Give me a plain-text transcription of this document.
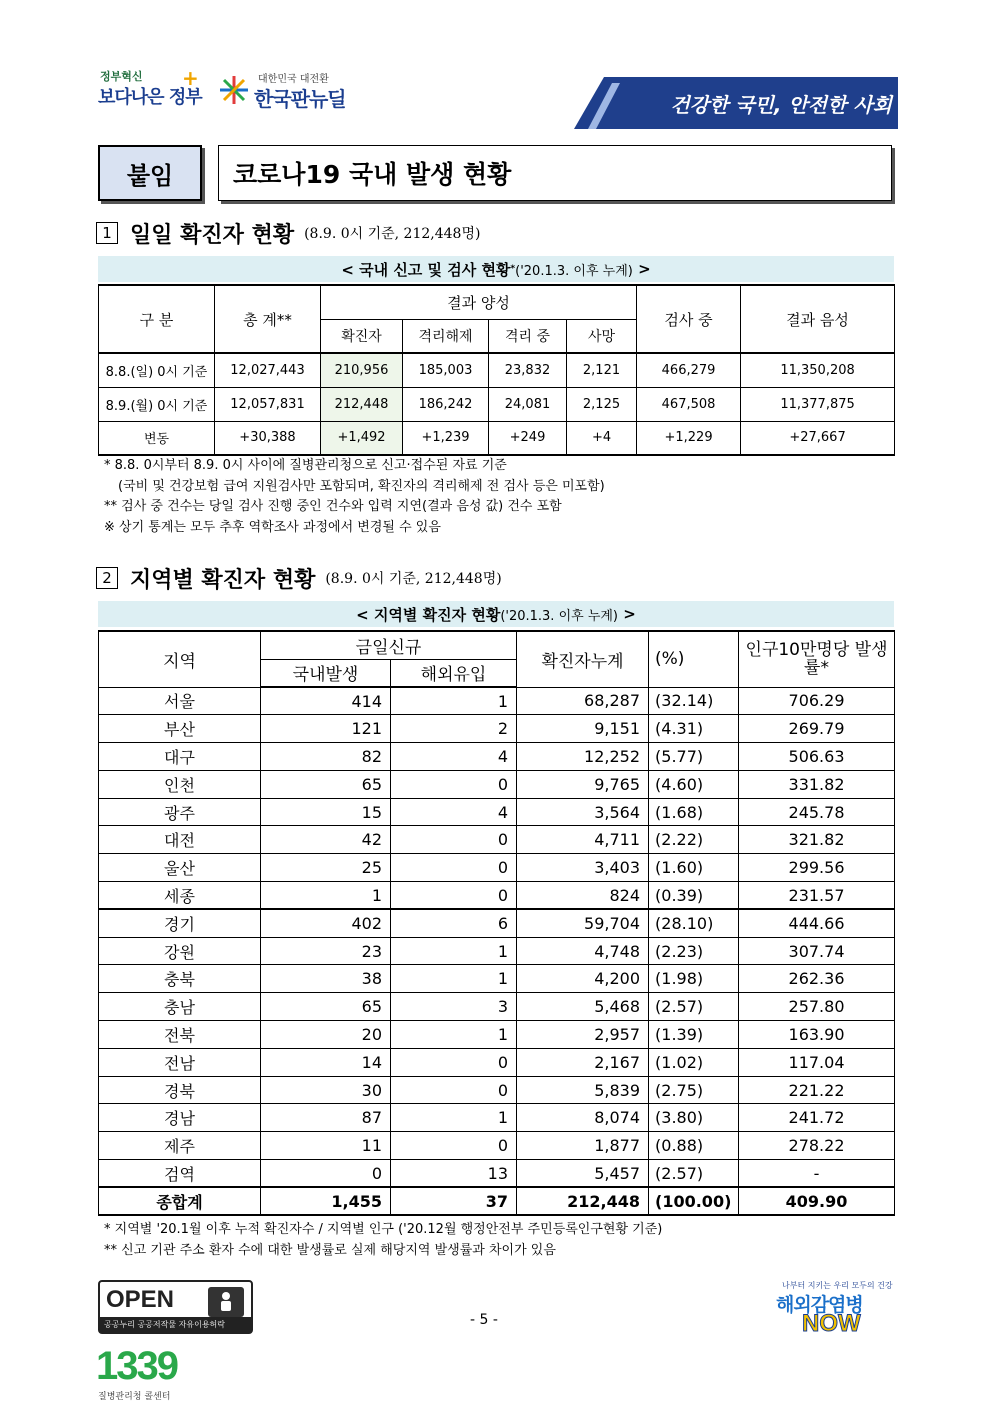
정부혁신
보다나은 정부
+	대한민국 대전환
한국판뉴딜	건강한 국민, 안전한 사회
붙임	코로나19 국내 발생 현황
1 일일 확진자 현황 (8.9. 0시 기준, 212,448명)
< 국내 신고 및 검사 현황 * ('20.1.3. 이후 누계)
>
구 분	총 계**	결과 양성				검사 중	결과 음성
		확진자	격리해제	격리 중	사망		
8.8.(일) 0시 기준	12,027,443	210,956	185,003	23,832	2,121	466,279	11,350,208
8.9.(월) 0시 기준	12,057,831	212,448	186,242	24,081	2,125	467,508	11,377,875
변동	+30,388	+1,492	+1,239	+249	+4	+1,229	+27,667
* 8.8. 0시부터 8.9. 0시 사이에 질병관리청으로 신고·접수된 자료 기준
(국비 및 건강보험 급여 지원검사만 포함되며, 확진자의 격리해제 전 검사 등은 미포함)
** 검사 중 건수는 당일 검사 진행 중인 건수와 입력 지연(결과 음성 값) 건수 포함
※ 상기 통계는 모두 추후 역학조사 과정에서 변경될 수 있음
2 지역별 확진자 현황 (8.9. 0시 기준, 212,448명)
< 지역별 확진자 현황 ('20.1.3. 이후 누계)
>
지역	금일신규		확진자누계	(%)	인구10만명당 발생률*
	국내발생	해외유입			
서울	414	1	68,287	(32.14)	706.29
부산	121	2	9,151	(4.31)	269.79
대구	82	4	12,252	(5.77)	506.63
인천	65	0	9,765	(4.60)	331.82
광주	15	4	3,564	(1.68)	245.78
대전	42	0	4,711	(2.22)	321.82
울산	25	0	3,403	(1.60)	299.56
세종	1	0	824	(0.39)	231.57
경기	402	6	59,704	(28.10)	444.66
강원	23	1	4,748	(2.23)	307.74
충북	38	1	4,200	(1.98)	262.36
충남	65	3	5,468	(2.57)	257.80
전북	20	1	2,957	(1.39)	163.90
전남	14	0	2,167	(1.02)	117.04
경북	30	0	5,839	(2.75)	221.22
경남	87	1	8,074	(3.80)	241.72
제주	11	0	1,877	(0.88)	278.22
검역	0	13	5,457	(2.57)	-
종합계	1,455	37	212,448	(100.00)	409.90
* 지역별 '20.1월 이후 누적 확진자수 / 지역별 인구 ('20.12월 행정안전부 주민등록인구현황 기준)
** 신고 기관 주소 환자 수에 대한 발생률로 실제 해당지역 발생률과 차이가 있음
OPEN
공공누리 공공저작물 자유이용허락	- 5 -
1339
질병관리청 콜센터
나부터 지키는 우리 모두의 건강
해외감염병
NOW
